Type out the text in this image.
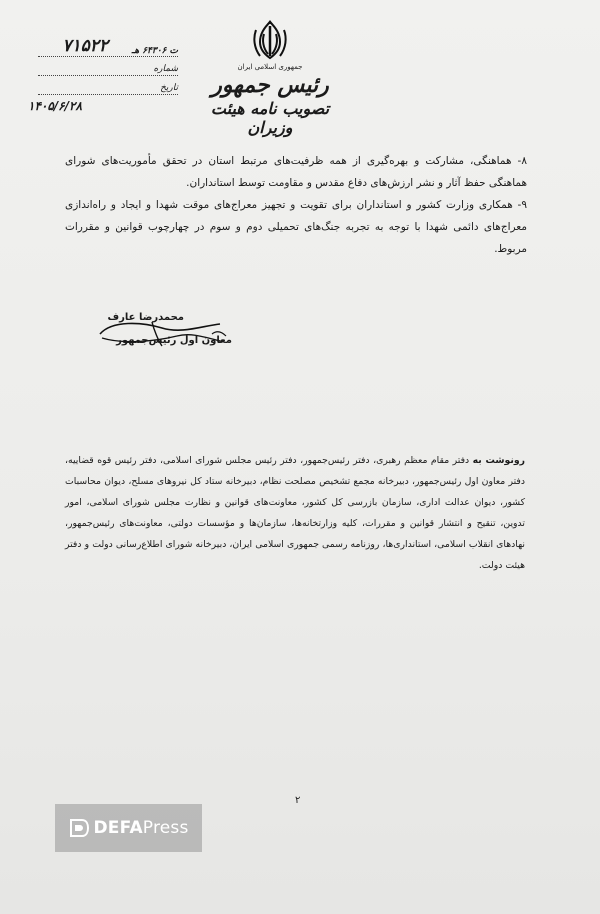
جمهوری اسلامی ایران
رئیس جمهور
تصویب نامه هیئت وزیران
۷۱۵۲۲	ت ۶۴۳۰۶ هـ
شماره
تاریخ
۱۴۰۵/۶/۲۸

۸- هماهنگی، مشارکت و بهره‌گیری از همه ظرفیت‌های مرتبط استان در تحقق مأموریت‌های شورای هماهنگی حفظ آثار و نشر ارزش‌های دفاع مقدس و مقاومت توسط استانداران.

۹- همکاری وزارت کشور و استانداران برای تقویت و تجهیز معراج‌های موقت شهدا و ایجاد و راه‌اندازی معراج‌های دائمی شهدا با توجه به تجربه جنگ‌های تحمیلی دوم و سوم در چهارچوب قوانین و مقررات مربوط.

محمدرضا عارف
معاون اول رئیس‌جمهور
رونوشت به دفتر مقام معظم رهبری، دفتر رئیس‌جمهور، دفتر رئیس مجلس شورای اسلامی، دفتر رئیس قوه قضاییه، دفتر معاون اول رئیس‌جمهور، دبیرخانه مجمع تشخیص مصلحت نظام، دبیرخانه ستاد کل نیروهای مسلح، دیوان محاسبات کشور، دیوان عدالت اداری، سازمان بازرسی کل کشور، معاونت‌های قوانین و نظارت مجلس شورای اسلامی، امور تدوین، تنقیح و انتشار قوانین و مقررات، کلیه وزارتخانه‌ها، سازمان‌ها و مؤسسات دولتی، معاونت‌های رئیس‌جمهور، نهادهای انقلاب اسلامی، استانداری‌ها، روزنامه رسمی جمهوری اسلامی ایران، دبیرخانه شورای اطلاع‌رسانی دولت و دفتر هیئت دولت.
۲
DEFA Press
